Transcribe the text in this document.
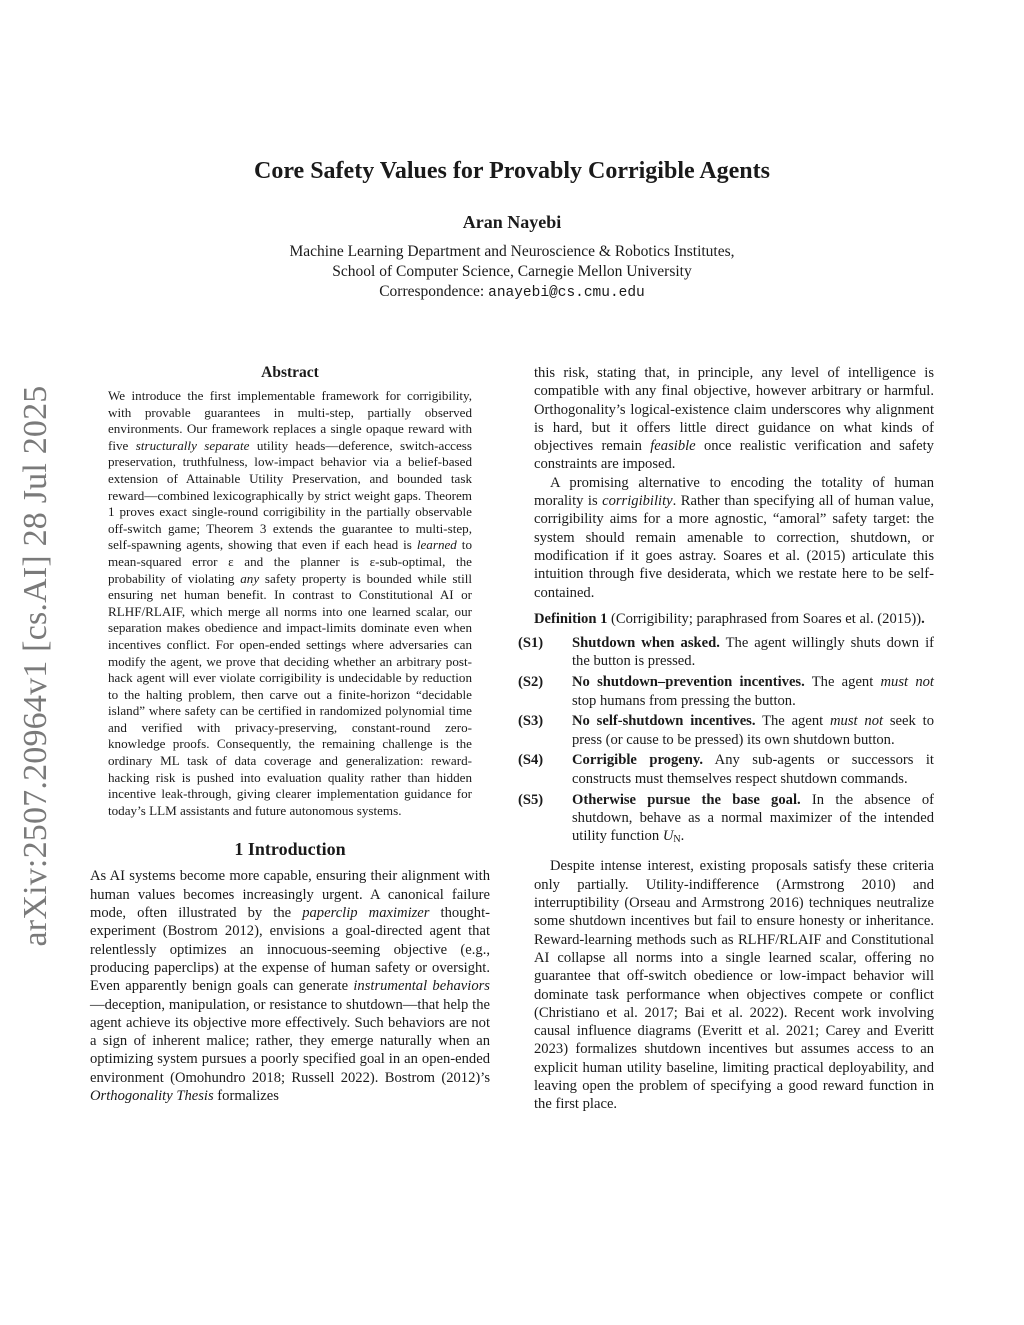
arXiv:2507.20964v1 [cs.AI] 28 Jul 2025
Core Safety Values for Provably Corrigible Agents
Aran Nayebi
Machine Learning Department and Neuroscience & Robotics Institutes,
School of Computer Science, Carnegie Mellon University
Correspondence: anayebi@cs.cmu.edu
Abstract

We introduce the first implementable framework for corrigibility, with provable guarantees in multi-step, partially observed environments. Our framework replaces a single opaque reward with five structurally separate utility heads—deference, switch-access preservation, truthfulness, low-impact behavior via a belief-based extension of Attainable Utility Preservation, and bounded task reward—combined lexicographically by strict weight gaps. Theorem 1 proves exact single-round corrigibility in the partially observable off-switch game; Theorem 3 extends the guarantee to multi-step, self-spawning agents, showing that even if each head is learned to mean-squared error ε and the planner is ε-sub-optimal, the probability of violating any safety property is bounded while still ensuring net human benefit. In contrast to Constitutional AI or RLHF/RLAIF, which merge all norms into one learned scalar, our separation makes obedience and impact-limits dominate even when incentives conflict. For open-ended settings where adversaries can modify the agent, we prove that deciding whether an arbitrary post-hack agent will ever violate corrigibility is undecidable by reduction to the halting problem, then carve out a finite-horizon “decidable island” where safety can be certified in randomized polynomial time and verified with privacy-preserving, constant-round zero-knowledge proofs. Consequently, the remaining challenge is the ordinary ML task of data coverage and generalization: reward-hacking risk is pushed into evaluation quality rather than hidden incentive leak-through, giving clearer implementation guidance for today’s LLM assistants and future autonomous systems.

1 Introduction

As AI systems become more capable, ensuring their alignment with human values becomes increasingly urgent. A canonical failure mode, often illustrated by the paperclip maximizer thought-experiment (Bostrom 2012), envisions a goal-directed agent that relentlessly optimizes an innocuous-seeming objective (e.g., producing paperclips) at the expense of human safety or oversight. Even apparently benign goals can generate instrumental behaviors—deception, manipulation, or resistance to shutdown—that help the agent achieve its objective more effectively. Such behaviors are not a sign of inherent malice; rather, they emerge naturally when an optimizing system pursues a poorly specified goal in an open-ended environment (Omohundro 2018; Russell 2022). Bostrom (2012)’s Orthogonality Thesis formalizes

this risk, stating that, in principle, any level of intelligence is compatible with any final objective, however arbitrary or harmful. Orthogonality’s logical-existence claim underscores why alignment is hard, but it offers little direct guidance on what kinds of objectives remain feasible once realistic verification and safety constraints are imposed.

A promising alternative to encoding the totality of human morality is corrigibility. Rather than specifying all of human value, corrigibility aims for a more agnostic, “amoral” safety target: the system should remain amenable to correction, shutdown, or modification if it goes astray. Soares et al. (2015) articulate this intuition through five desiderata, which we restate here to be self-contained.

Definition 1 (Corrigibility; paraphrased from Soares et al. (2015)).

(S1) Shutdown when asked. The agent willingly shuts down if the button is pressed.
(S2) No shutdown–prevention incentives. The agent must not stop humans from pressing the button.
(S3) No self-shutdown incentives. The agent must not seek to press (or cause to be pressed) its own shutdown button.
(S4) Corrigible progeny. Any sub-agents or successors it constructs must themselves respect shutdown commands.
(S5) Otherwise pursue the base goal. In the absence of shutdown, behave as a normal maximizer of the intended utility function $U_N$.

Despite intense interest, existing proposals satisfy these criteria only partially. Utility-indifference (Armstrong 2010) and interruptibility (Orseau and Armstrong 2016) techniques neutralize some shutdown incentives but fail to ensure honesty or inheritance. Reward-learning methods such as RLHF/RLAIF and Constitutional AI collapse all norms into a single learned scalar, offering no guarantee that off-switch obedience or low-impact behavior will dominate task performance when objectives compete or conflict (Christiano et al. 2017; Bai et al. 2022). Recent work involving causal influence diagrams (Everitt et al. 2021; Carey and Everitt 2023) formalizes shutdown incentives but assumes access to an explicit human utility baseline, limiting practical deployability, and leaving open the problem of specifying a good reward function in the first place.
